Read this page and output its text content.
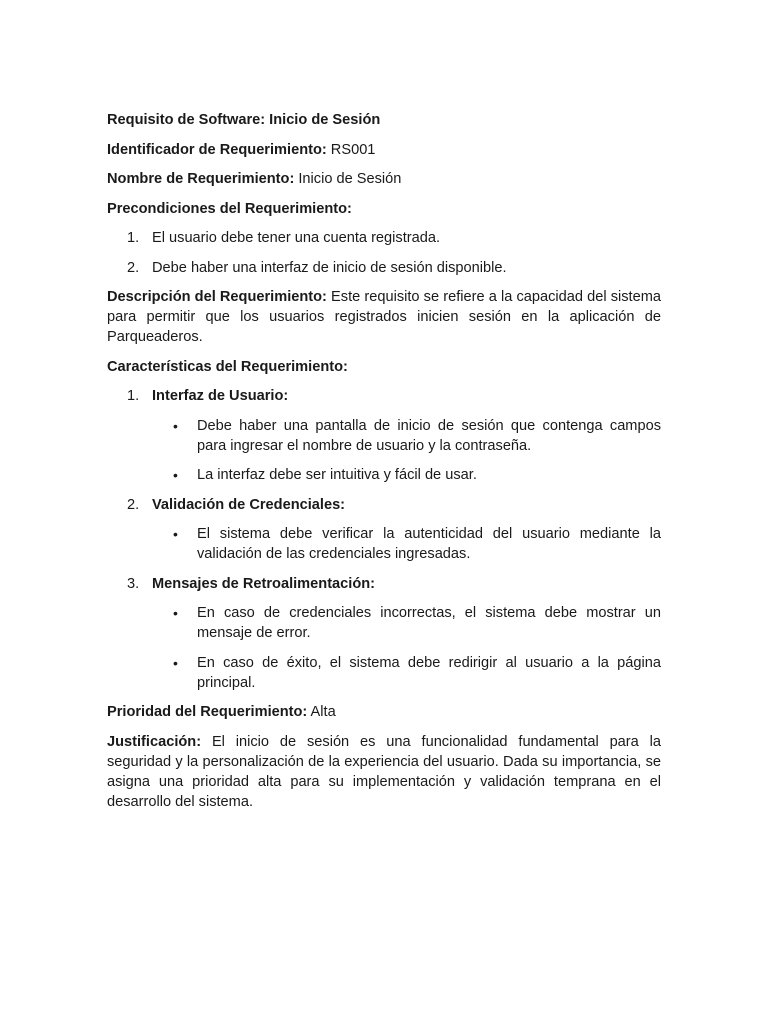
Requisito de Software: Inicio de Sesión
Identificador de Requerimiento: RS001
Nombre de Requerimiento: Inicio de Sesión
Precondiciones del Requerimiento:
1. El usuario debe tener una cuenta registrada.
2. Debe haber una interfaz de inicio de sesión disponible.
Descripción del Requerimiento: Este requisito se refiere a la capacidad del sistema para permitir que los usuarios registrados inicien sesión en la aplicación de Parqueaderos.
Características del Requerimiento:
1. Interfaz de Usuario:
• Debe haber una pantalla de inicio de sesión que contenga campos para ingresar el nombre de usuario y la contraseña.
• La interfaz debe ser intuitiva y fácil de usar.
2. Validación de Credenciales:
• El sistema debe verificar la autenticidad del usuario mediante la validación de las credenciales ingresadas.
3. Mensajes de Retroalimentación:
• En caso de credenciales incorrectas, el sistema debe mostrar un mensaje de error.
• En caso de éxito, el sistema debe redirigir al usuario a la página principal.
Prioridad del Requerimiento: Alta
Justificación: El inicio de sesión es una funcionalidad fundamental para la seguridad y la personalización de la experiencia del usuario. Dada su importancia, se asigna una prioridad alta para su implementación y validación temprana en el desarrollo del sistema.
